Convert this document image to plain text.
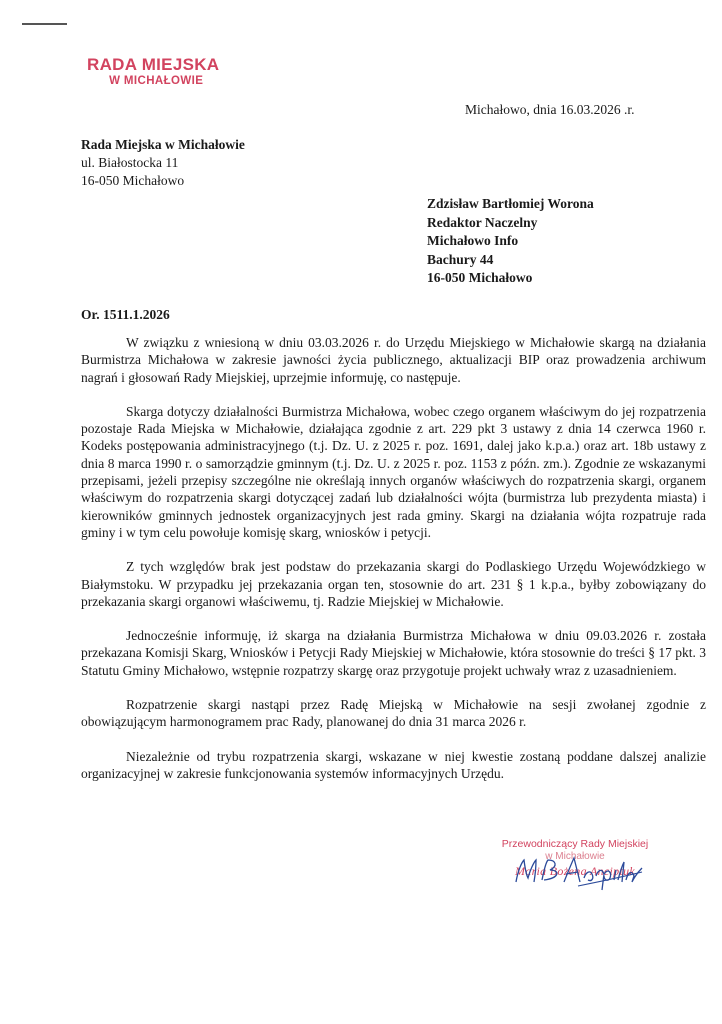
RADA MIEJSKA
W MICHAŁOWIE
Michałowo, dnia 16.03.2026 .r.
Rada Miejska w Michałowie
ul. Białostocka 11
16-050 Michałowo
Zdzisław Bartłomiej Worona
Redaktor Naczelny
Michałowo Info
Bachury 44
16-050 Michałowo
Or. 1511.1.2026

W związku z wniesioną w dniu 03.03.2026 r. do Urzędu Miejskiego w Michałowie skargą na działania Burmistrza Michałowa w zakresie jawności życia publicznego, aktualizacji BIP oraz prowadzenia archiwum nagrań i głosowań Rady Miejskiej, uprzejmie informuję, co następuje.

Skarga dotyczy działalności Burmistrza Michałowa, wobec czego organem właściwym do jej rozpatrzenia pozostaje Rada Miejska w Michałowie, działająca zgodnie z art. 229 pkt 3 ustawy z dnia 14 czerwca 1960 r. Kodeks postępowania administracyjnego (t.j. Dz. U. z 2025 r. poz. 1691, dalej jako k.p.a.) oraz art. 18b ustawy z dnia 8 marca 1990 r. o samorządzie gminnym (t.j. Dz. U. z 2025 r. poz. 1153 z późn. zm.). Zgodnie ze wskazanymi przepisami, jeżeli przepisy szczególne nie określają innych organów właściwych do rozpatrzenia skargi, organem właściwym do rozpatrzenia skargi dotyczącej zadań lub działalności wójta (burmistrza lub prezydenta miasta) i kierowników gminnych jednostek organizacyjnych jest rada gminy. Skargi na działania wójta rozpatruje rada gminy i w tym celu powołuje komisję skarg, wniosków i petycji.

Z tych względów brak jest podstaw do przekazania skargi do Podlaskiego Urzędu Wojewódzkiego w Białymstoku. W przypadku jej przekazania organ ten, stosownie do art. 231 § 1 k.p.a., byłby zobowiązany do przekazania skargi organowi właściwemu, tj. Radzie Miejskiej w Michałowie.

Jednocześnie informuję, iż skarga na działania Burmistrza Michałowa w dniu 09.03.2026 r. została przekazana Komisji Skarg, Wniosków i Petycji Rady Miejskiej w Michałowie, która stosownie do treści § 17 pkt. 3 Statutu Gminy Michałowo, wstępnie rozpatrzy skargę oraz przygotuje projekt uchwały wraz z uzasadnieniem.

Rozpatrzenie skargi nastąpi przez Radę Miejską w Michałowie na sesji zwołanej zgodnie z obowiązującym harmonogramem prac Rady, planowanej do dnia 31 marca 2026 r.

Niezależnie od trybu rozpatrzenia skargi, wskazane w niej kwestie zostaną poddane dalszej analizie organizacyjnej w zakresie funkcjonowania systemów informacyjnych Urzędu.

Przewodniczący Rady Miejskiej
w Michałowie
Maria Bożena Anciptuk
